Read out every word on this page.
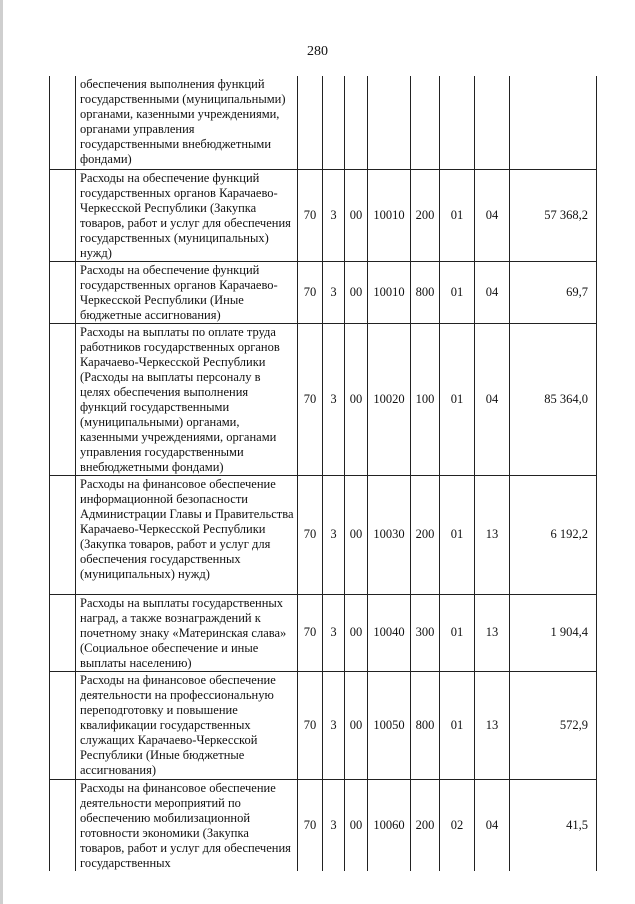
280
	обеспечения выполнения функций государственными (муниципальными) органами, казенными учреждениями, органами управления государственными внебюджетными фондами)								
	Расходы на обеспечение функций государственных органов Карачаево-Черкесской Республики (Закупка товаров, работ и услуг для обеспечения государственных (муниципальных) нужд)	70	3	00	10010	200	01	04	57 368,2
	Расходы на обеспечение функций государственных органов Карачаево-Черкесской Республики (Иные бюджетные ассигнования)	70	3	00	10010	800	01	04	69,7
	Расходы на выплаты по оплате труда работников государственных органов Карачаево-Черкесской Республики (Расходы на выплаты персоналу в целях обеспечения выполнения функций государственными (муниципальными) органами, казенными учреждениями, органами управления государственными внебюджетными фондами)	70	3	00	10020	100	01	04	85 364,0
	Расходы на финансовое обеспечение информационной безопасности Администрации Главы и Правительства Карачаево-Черкесской Республики (Закупка товаров, работ и услуг для обеспечения государственных (муниципальных) нужд)	70	3	00	10030	200	01	13	6 192,2
	Расходы на выплаты государственных наград, а также вознаграждений к почетному знаку «Материнская слава» (Социальное обеспечение и иные выплаты населению)	70	3	00	10040	300	01	13	1 904,4
	Расходы на финансовое обеспечение деятельности на профессиональную переподготовку и повышение квалификации государственных служащих Карачаево-Черкесской Республики (Иные бюджетные ассигнования)	70	3	00	10050	800	01	13	572,9
	Расходы на финансовое обеспечение деятельности мероприятий по обеспечению мобилизационной готовности экономики (Закупка товаров, работ и услуг для обеспечения государственных	70	3	00	10060	200	02	04	41,5
